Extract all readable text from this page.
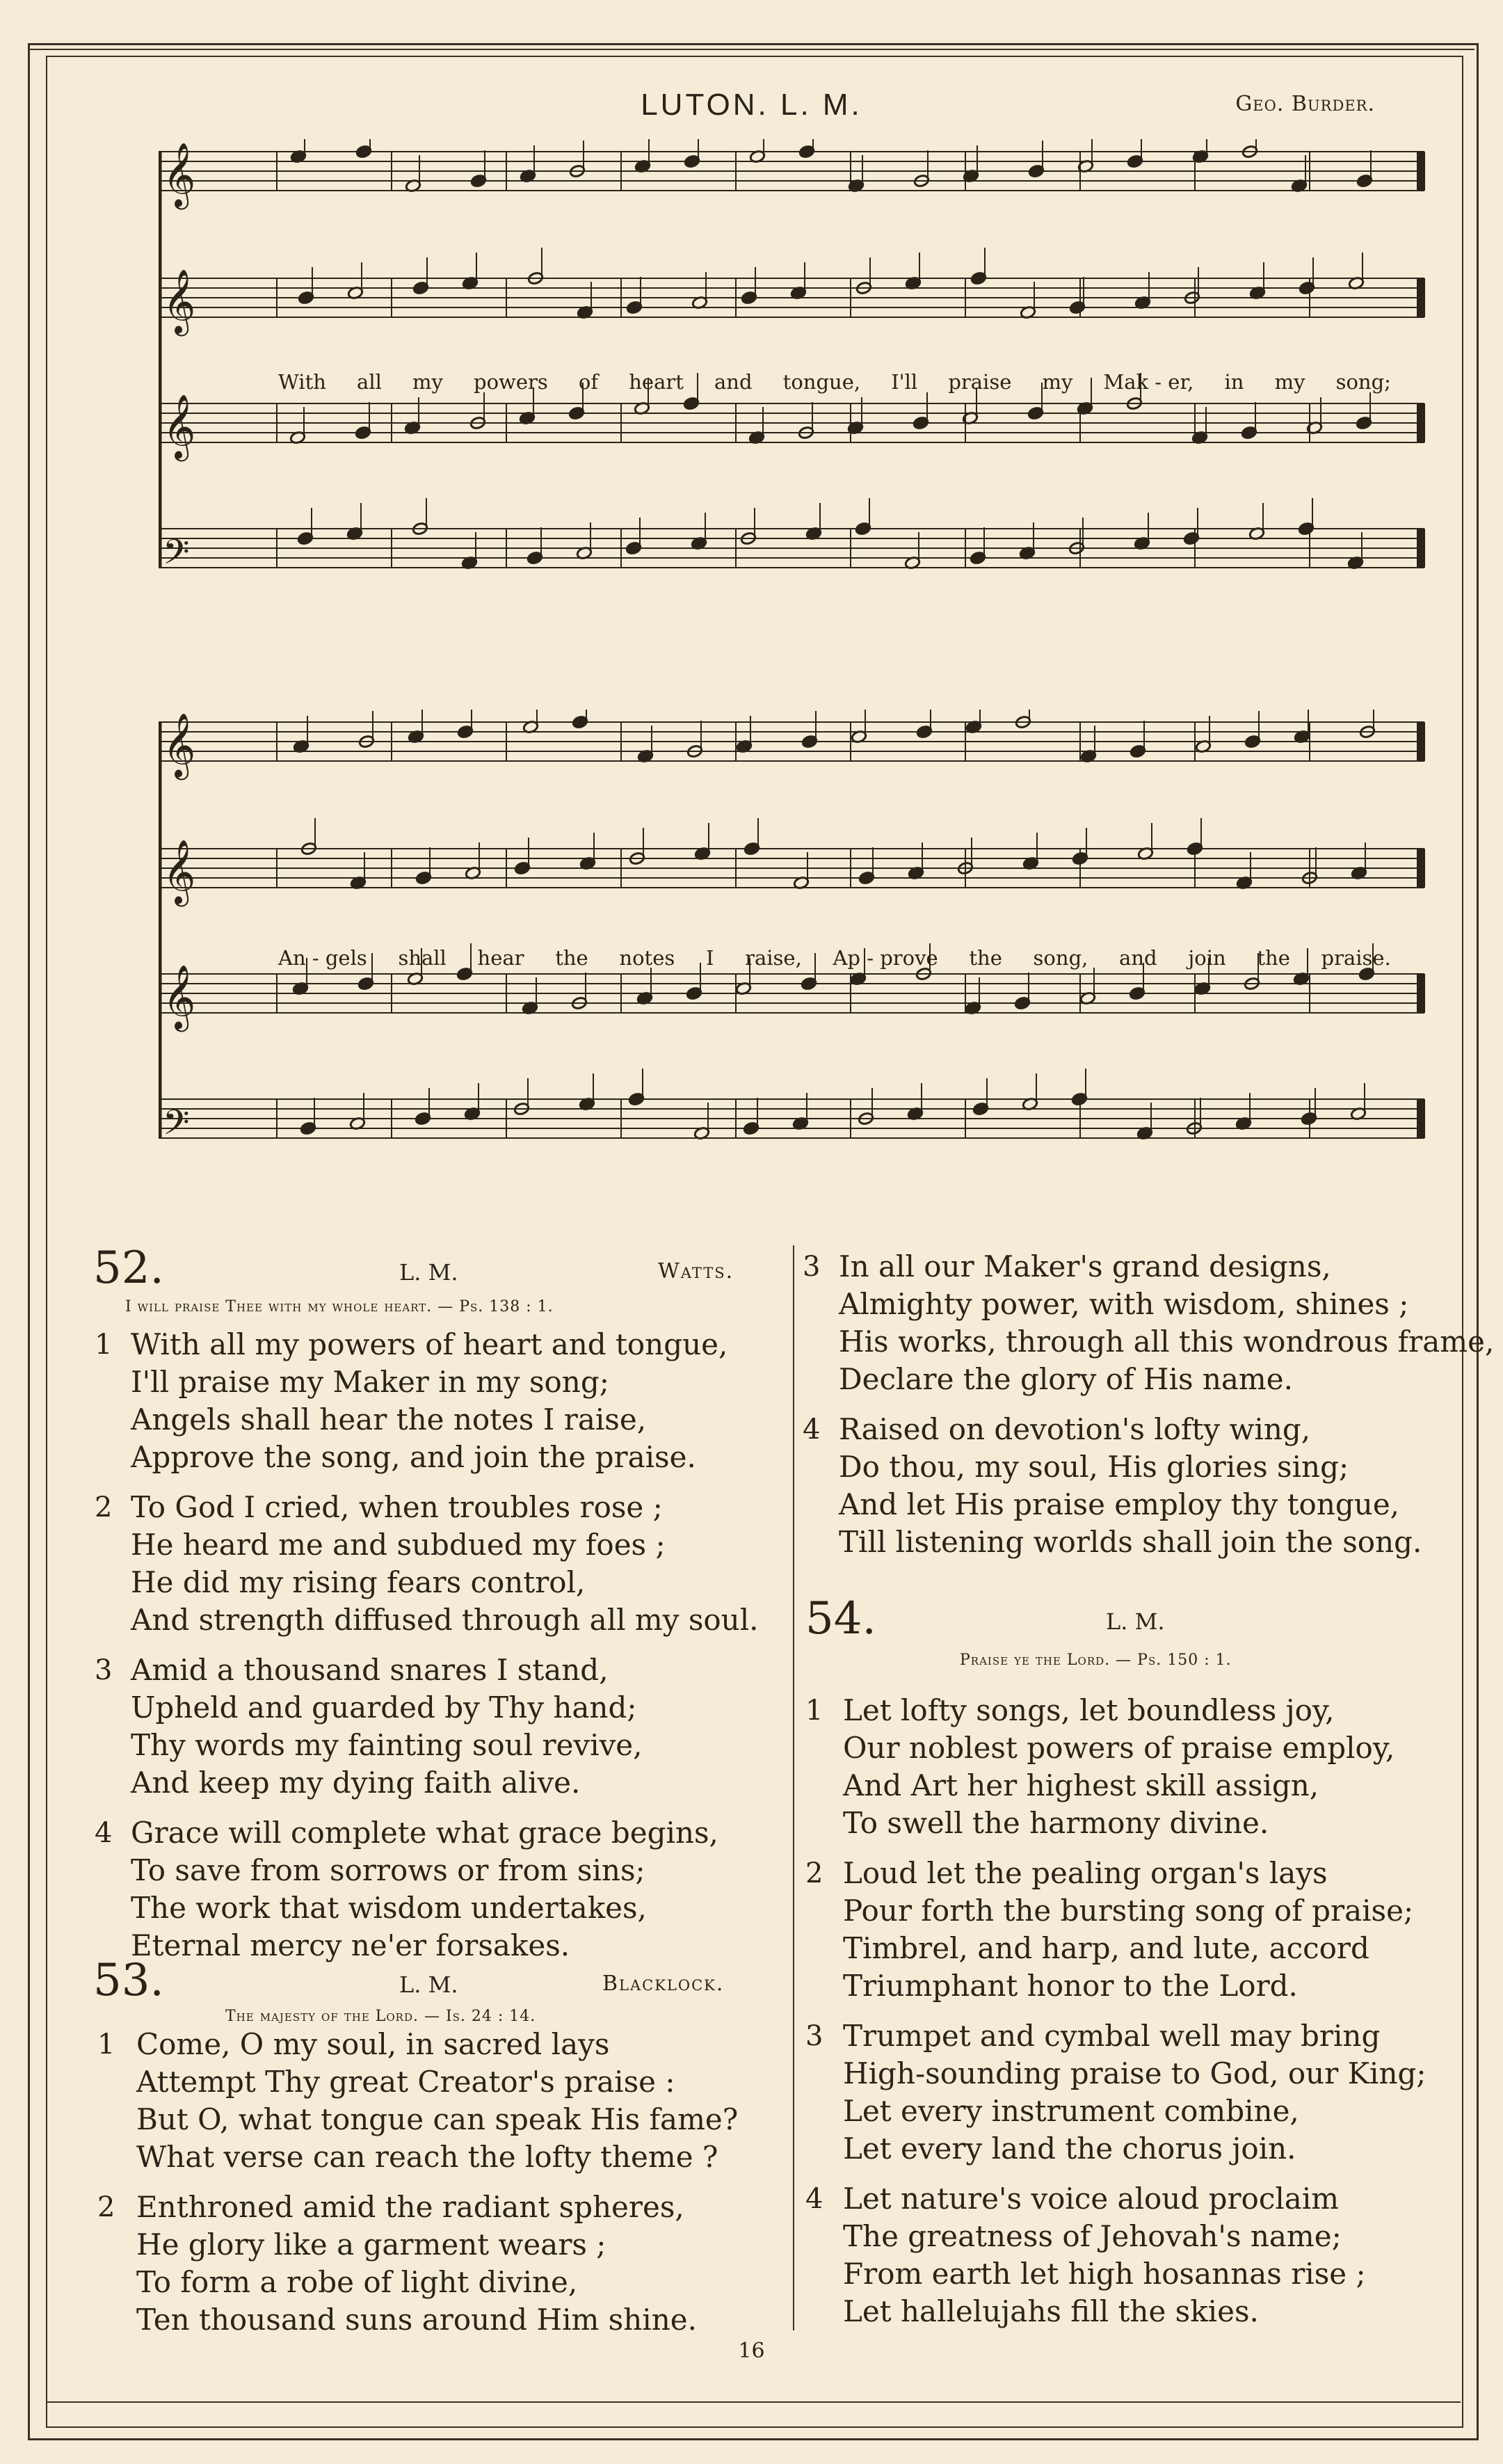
LUTON. L. M.	Geo. Burder.
𝄞
𝄞
𝄞
𝄢
With all my powers of heart and tongue, I'll praise my Mak - er, in my song;
𝄞
𝄞
𝄞
𝄢
An - gels shall hear the notes I raise, Ap - prove the song, and join the praise.
52.	L. M.	Watts.
I will praise Thee with my whole heart. — Ps. 138 : 1.
1 With all my powers of heart and tongue,
I'll praise my Maker in my song;
Angels shall hear the notes I raise,
Approve the song, and join the praise.
2 To God I cried, when troubles rose ;
He heard me and subdued my foes ;
He did my rising fears control,
And strength diffused through all my soul.
3 Amid a thousand snares I stand,
Upheld and guarded by Thy hand;
Thy words my fainting soul revive,
And keep my dying faith alive.
4 Grace will complete what grace begins,
To save from sorrows or from sins;
The work that wisdom undertakes,
Eternal mercy ne'er forsakes.
53.	L. M.	Blacklock.
The majesty of the Lord. — Is. 24 : 14.
1 Come, O my soul, in sacred lays
Attempt Thy great Creator's praise :
But O, what tongue can speak His fame?
What verse can reach the lofty theme ?
2 Enthroned amid the radiant spheres,
He glory like a garment wears ;
To form a robe of light divine,
Ten thousand suns around Him shine.
3 In all our Maker's grand designs,
Almighty power, with wisdom, shines ;
His works, through all this wondrous frame,
Declare the glory of His name.
4 Raised on devotion's lofty wing,
Do thou, my soul, His glories sing;
And let His praise employ thy tongue,
Till listening worlds shall join the song.
54.	L. M.
Praise ye the Lord. — Ps. 150 : 1.
1 Let lofty songs, let boundless joy,
Our noblest powers of praise employ,
And Art her highest skill assign,
To swell the harmony divine.
2 Loud let the pealing organ's lays
Pour forth the bursting song of praise;
Timbrel, and harp, and lute, accord
Triumphant honor to the Lord.
3 Trumpet and cymbal well may bring
High-sounding praise to God, our King;
Let every instrument combine,
Let every land the chorus join.
4 Let nature's voice aloud proclaim
The greatness of Jehovah's name;
From earth let high hosannas rise ;
Let hallelujahs fill the skies.
16
